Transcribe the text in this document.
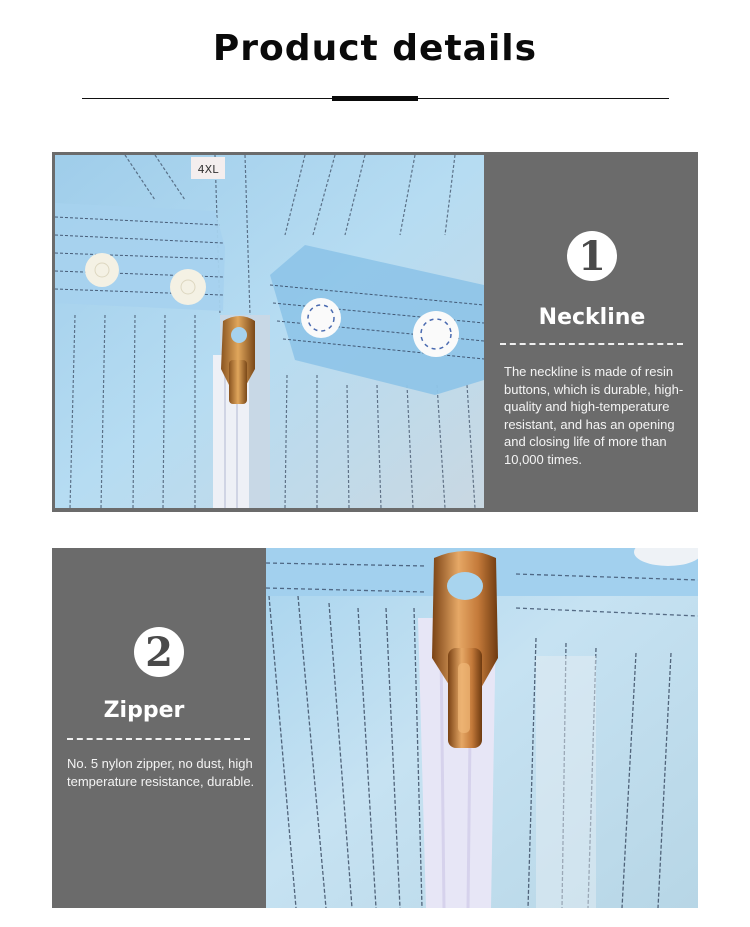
Product details
4XL
1
Neckline
The neckline is made of resin buttons, which is durable, high-quality and high-temperature resistant, and has an opening and closing life of more than 10,000 times.
2
Zipper
No. 5 nylon zipper, no dust, high temperature resistance, durable.
